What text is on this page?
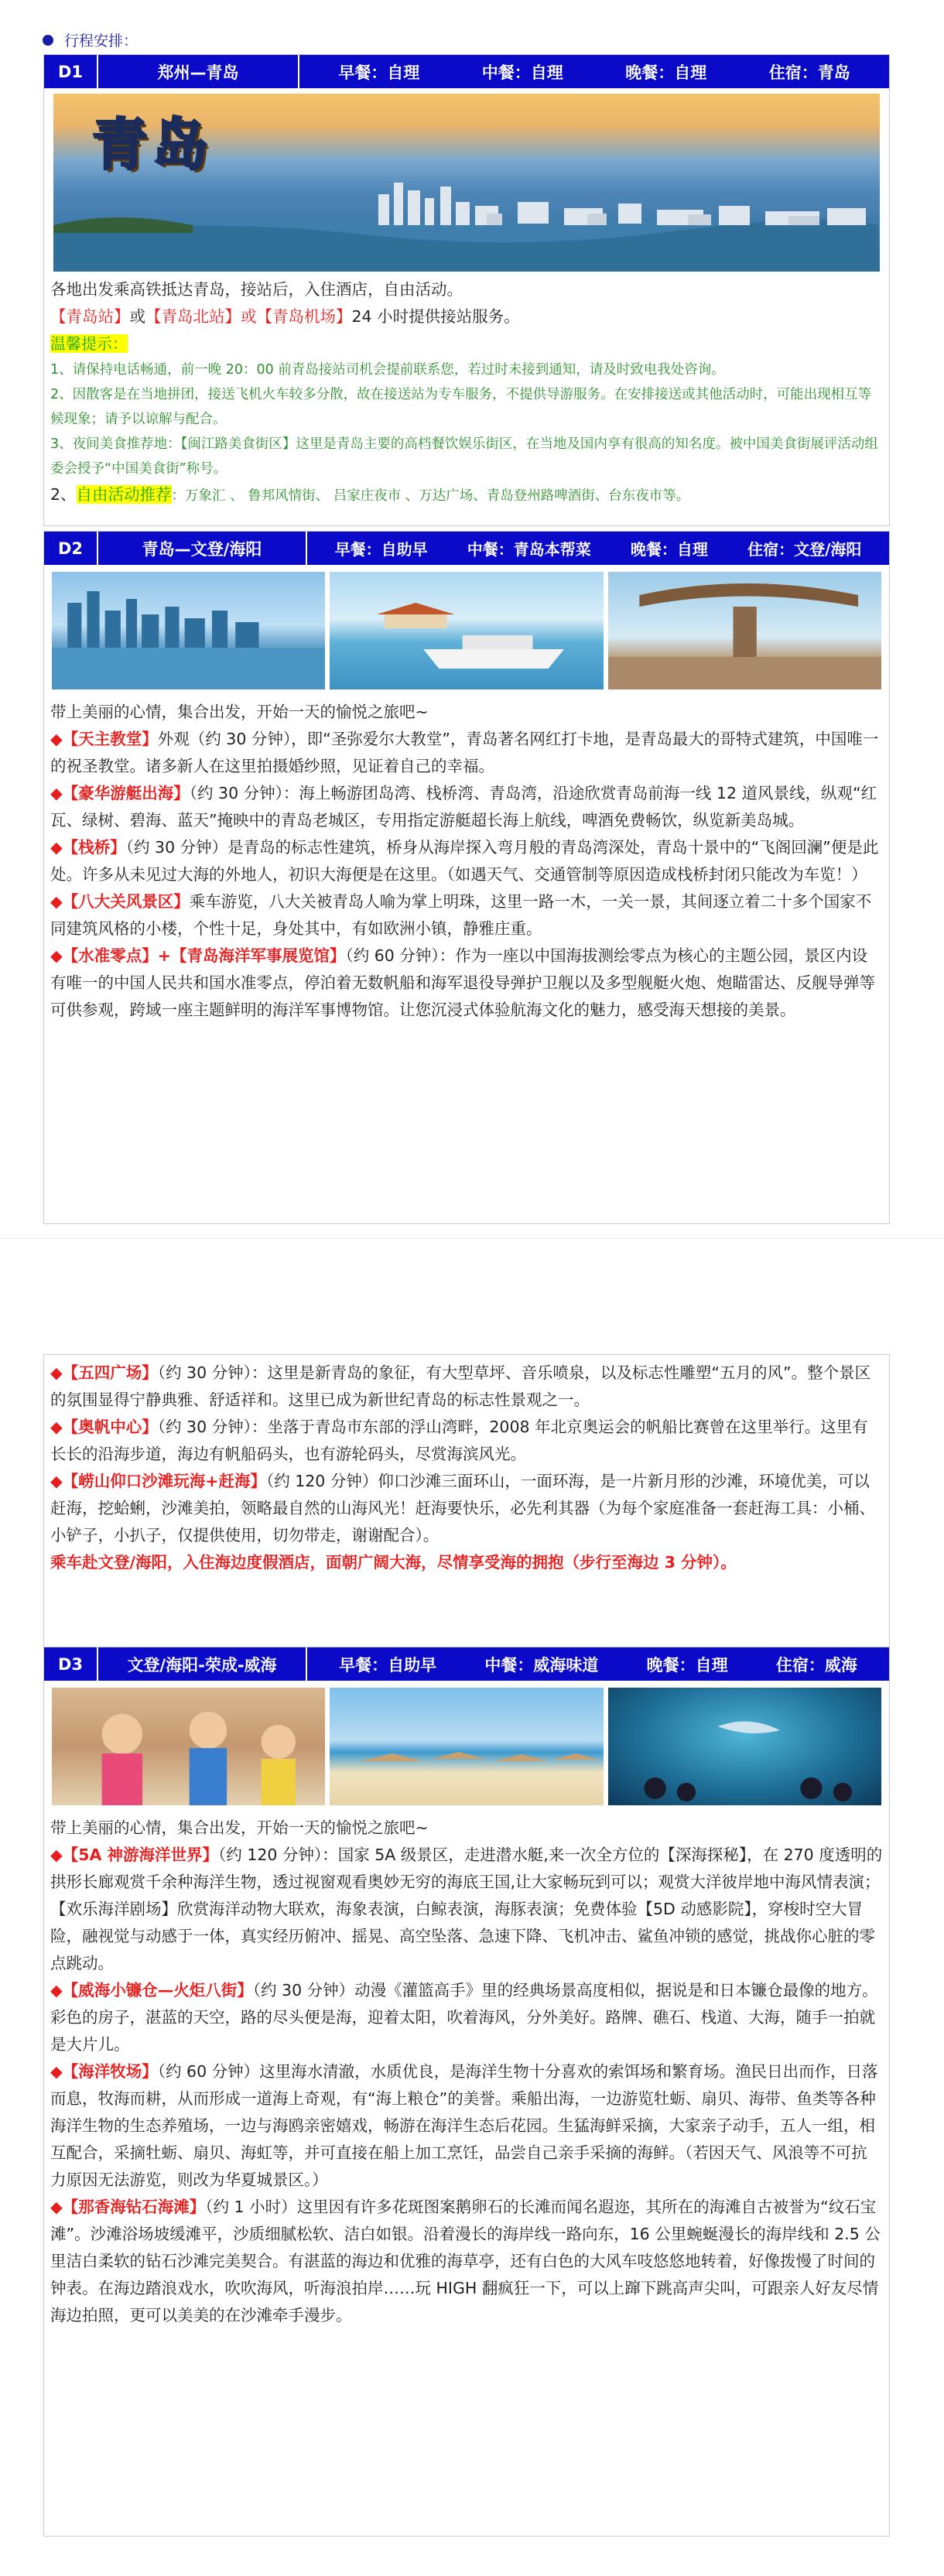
行程安排：
D1	郑州—青岛	早餐：自理	中餐：自理	晚餐：自理	住宿：青岛
青岛

各地出发乘高铁抵达青岛，接站后，入住酒店，自由活动。

【青岛站】或【青岛北站】或【青岛机场】24 小时提供接站服务。

温馨提示：

1、请保持电话畅通，前一晚 20：00 前青岛接站司机会提前联系您，若过时未接到通知，请及时致电我处咨询。

2、因散客是在当地拼团，接送飞机火车较多分散，故在接送站为专车服务，不提供导游服务。在安排接送或其他活动时，可能出现相互等候现象；请予以谅解与配合。

3、夜间美食推荐地：【闽江路美食街区】这里是青岛主要的高档餐饮娱乐街区，在当地及国内享有很高的知名度。被中国美食街展评活动组委会授予“中国美食街”称号。

2、自由活动推荐：万象汇 、 鲁邦风情街、 吕家庄夜市 、万达广场、青岛登州路啤酒街、台东夜市等。

D2	青岛—文登/海阳	早餐：自助早	中餐：青岛本帮菜	晚餐：自理	住宿：文登/海阳

带上美丽的心情，集合出发，开始一天的愉悦之旅吧~

◆【天主教堂】外观（约 30 分钟），即“圣弥爱尔大教堂”，青岛著名网红打卡地，是青岛最大的哥特式建筑，中国唯一的祝圣教堂。诸多新人在这里拍摄婚纱照，见证着自己的幸福。

◆【豪华游艇出海】（约 30 分钟）：海上畅游团岛湾、栈桥湾、青岛湾，沿途欣赏青岛前海一线 12 道风景线，纵观“红瓦、绿树、碧海、蓝天”掩映中的青岛老城区，专用指定游艇超长海上航线，啤酒免费畅饮，纵览新美岛城。

◆【栈桥】（约 30 分钟）是青岛的标志性建筑，桥身从海岸探入弯月般的青岛湾深处，青岛十景中的“飞阁回澜”便是此处。许多从未见过大海的外地人，初识大海便是在这里。（如遇天气、交通管制等原因造成栈桥封闭只能改为车览！）

◆【八大关风景区】乘车游览，八大关被青岛人喻为掌上明珠，这里一路一木，一关一景，其间逐立着二十多个国家不同建筑风格的小楼，个性十足，身处其中，有如欧洲小镇，静雅庄重。

◆【水准零点】+【青岛海洋军事展览馆】（约 60 分钟）：作为一座以中国海拔测绘零点为核心的主题公园，景区内设有唯一的中国人民共和国水准零点，停泊着无数帆船和海军退役导弹护卫舰以及多型舰艇火炮、炮瞄雷达、反舰导弹等可供参观，跨域一座主题鲜明的海洋军事博物馆。让您沉浸式体验航海文化的魅力，感受海天想接的美景。

◆【五四广场】（约 30 分钟）：这里是新青岛的象征，有大型草坪、音乐喷泉，以及标志性雕塑“五月的风”。整个景区的氛围显得宁静典雅、舒适祥和。这里已成为新世纪青岛的标志性景观之一。

◆【奥帆中心】（约 30 分钟）：坐落于青岛市东部的浮山湾畔，2008 年北京奥运会的帆船比赛曾在这里举行。这里有长长的沿海步道，海边有帆船码头，也有游轮码头，尽赏海滨风光。

◆【崂山仰口沙滩玩海+赶海】（约 120 分钟）仰口沙滩三面环山，一面环海，是一片新月形的沙滩，环境优美，可以赶海，挖蛤蜊，沙滩美拍，领略最自然的山海风光！赶海要快乐，必先利其器（为每个家庭准备一套赶海工具：小桶、小铲子，小扒子，仅提供使用，切勿带走，谢谢配合）。

乘车赴文登/海阳，入住海边度假酒店，面朝广阔大海，尽情享受海的拥抱（步行至海边 3 分钟）。

D3	文登/海阳-荣成-威海	早餐：自助早	中餐：威海味道	晚餐：自理	住宿：威海

带上美丽的心情，集合出发，开始一天的愉悦之旅吧~

◆【5A 神游海洋世界】（约 120 分钟）：国家 5A 级景区，走进潜水艇,来一次全方位的【深海探秘】，在 270 度透明的拱形长廊观赏千余种海洋生物，透过视窗观看奥妙无穷的海底王国,让大家畅玩到可以；观赏大洋彼岸地中海风情表演；【欢乐海洋剧场】欣赏海洋动物大联欢，海象表演，白鲸表演，海豚表演；免费体验【5D 动感影院】，穿梭时空大冒险，融视觉与动感于一体，真实经历俯冲、摇晃、高空坠落、急速下降、飞机冲击、鲨鱼冲锁的感觉，挑战你心脏的零点跳动。

◆【威海小镰仓—火炬八街】（约 30 分钟）动漫《灌篮高手》里的经典场景高度相似，据说是和日本镰仓最像的地方。彩色的房子，湛蓝的天空，路的尽头便是海，迎着太阳，吹着海风，分外美好。路牌、礁石、栈道、大海，随手一拍就是大片儿。

◆【海洋牧场】（约 60 分钟）这里海水清澈，水质优良，是海洋生物十分喜欢的索饵场和繁育场。渔民日出而作，日落而息，牧海而耕，从而形成一道海上奇观，有“海上粮仓”的美誉。乘船出海，一边游览牡蛎、扇贝、海带、鱼类等各种海洋生物的生态养殖场，一边与海鸥亲密嬉戏，畅游在海洋生态后花园。生猛海鲜采摘，大家亲子动手，五人一组，相互配合，采摘牡蛎、扇贝、海虹等，并可直接在船上加工烹饪，品尝自己亲手采摘的海鲜。（若因天气、风浪等不可抗力原因无法游览，则改为华夏城景区。）

◆【那香海钻石海滩】（约 1 小时）这里因有许多花斑图案鹅卵石的长滩而闻名遐迩，其所在的海滩自古被誉为“纹石宝滩”。沙滩浴场坡缓滩平，沙质细腻松软、洁白如银。沿着漫长的海岸线一路向东，16 公里蜿蜒漫长的海岸线和 2.5 公里洁白柔软的钻石沙滩完美契合。有湛蓝的海边和优雅的海草亭，还有白色的大风车吱悠悠地转着，好像拨慢了时间的钟表。在海边踏浪戏水，吹吹海风，听海浪拍岸……玩 HIGH 翻疯狂一下，可以上蹿下跳高声尖叫，可跟亲人好友尽情海边拍照，更可以美美的在沙滩牵手漫步。
